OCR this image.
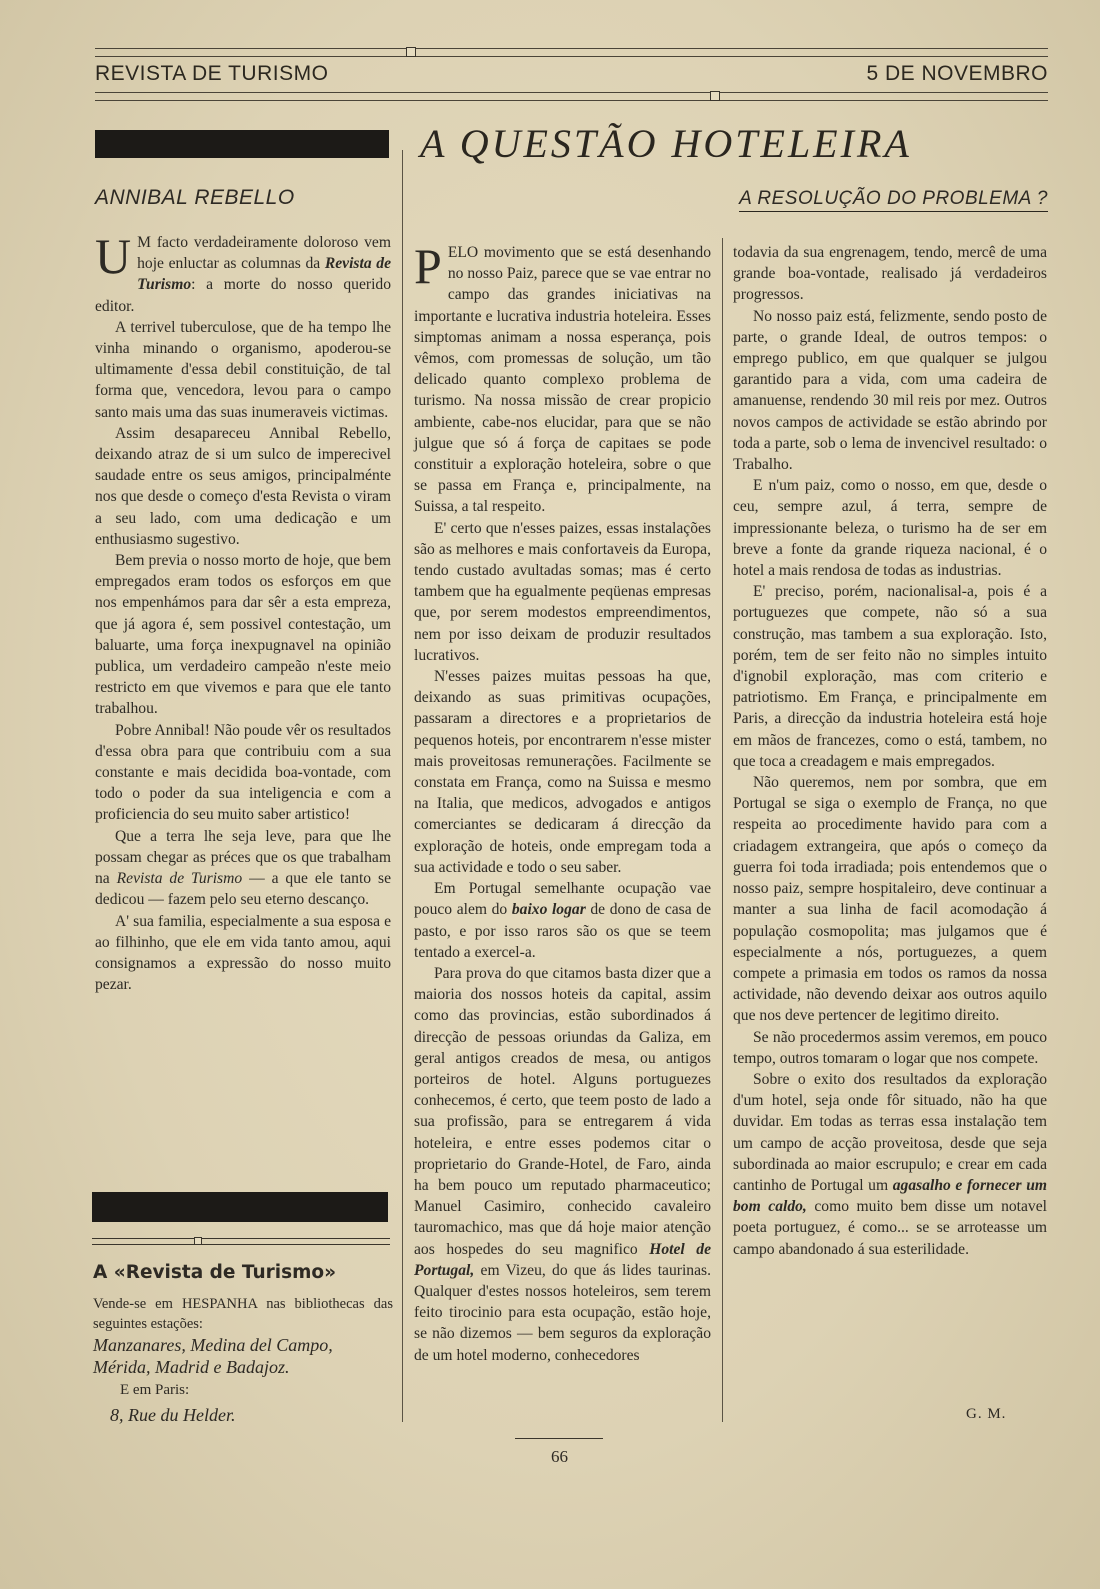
REVISTA DE TURISMO	5 DE NOVEMBRO
A QUESTÃO HOTELEIRA
ANNIBAL REBELLO	A RESOLUÇÃO DO PROBLEMA ?

U M facto verdadeiramente doloroso vem hoje enluctar as columnas da Revista de Turismo: a morte do nosso querido editor.

A terrivel tuberculose, que de ha tempo lhe vinha minando o organismo, apoderou-se ultimamente d'essa debil constituição, de tal forma que, vencedora, levou para o campo santo mais uma das suas inumeraveis victimas.

Assim desapareceu Annibal Rebello, deixando atraz de si um sulco de imperecivel saudade entre os seus amigos, principalménte nos que desde o começo d'esta Revista o viram a seu lado, com uma dedicação e um enthusiasmo sugestivo.

Bem previa o nosso morto de hoje, que bem empregados eram todos os esforços em que nos empenhámos para dar sêr a esta empreza, que já agora é, sem possivel contestação, um baluarte, uma força inexpugnavel na opinião publica, um verdadeiro campeão n'este meio restricto em que vivemos e para que ele tanto trabalhou.

Pobre Annibal! Não poude vêr os resultados d'essa obra para que contribuiu com a sua constante e mais decidida boa-vontade, com todo o poder da sua inteligencia e com a proficiencia do seu muito saber artistico!

Que a terra lhe seja leve, para que lhe possam chegar as préces que os que trabalham na Revista de Turismo — a que ele tanto se dedicou — fazem pelo seu eterno descanço.

A' sua familia, especialmente a sua esposa e ao filhinho, que ele em vida tanto amou, aqui consignamos a expressão do nosso muito pezar.

A «Revista de Turismo»
Vende-se em HESPANHA nas bibliothecas das seguintes estações:
Manzanares, Medina del Campo,
Mérida, Madrid e Badajoz.
E em Paris:
8, Rue du Helder.

PELO movimento que se está desenhando no nosso Paiz, parece que se vae entrar no campo das grandes iniciativas na importante e lucrativa industria hoteleira. Esses simptomas animam a nossa esperança, pois vêmos, com promessas de solução, um tão delicado quanto complexo problema de turismo. Na nossa missão de crear propicio ambiente, cabe-nos elucidar, para que se não julgue que só á força de capitaes se pode constituir a exploração hoteleira, sobre o que se passa em França e, principalmente, na Suissa, a tal respeito.

E' certo que n'esses paizes, essas instalações são as melhores e mais confortaveis da Europa, tendo custado avultadas somas; mas é certo tambem que ha egualmente peqüenas empresas que, por serem modestos empreendimentos, nem por isso deixam de produzir resultados lucrativos.

N'esses paizes muitas pessoas ha que, deixando as suas primitivas ocupações, passaram a directores e a proprietarios de pequenos hoteis, por encontrarem n'esse mister mais proveitosas remunerações. Facilmente se constata em França, como na Suissa e mesmo na Italia, que medicos, advogados e antigos comerciantes se dedicaram á direcção da exploração de hoteis, onde empregam toda a sua actividade e todo o seu saber.

Em Portugal semelhante ocupação vae pouco alem do baixo logar de dono de casa de pasto, e por isso raros são os que se teem tentado a exercel-a.

Para prova do que citamos basta dizer que a maioria dos nossos hoteis da capital, assim como das provincias, estão subordinados á direcção de pessoas oriundas da Galiza, em geral antigos creados de mesa, ou antigos porteiros de hotel. Alguns portuguezes conhecemos, é certo, que teem posto de lado a sua profissão, para se entregarem á vida hoteleira, e entre esses podemos citar o proprietario do Grande-Hotel, de Faro, ainda ha bem pouco um reputado pharmaceutico; Manuel Casimiro, conhecido cavaleiro tauromachico, mas que dá hoje maior atenção aos hospedes do seu magnifico Hotel de Portugal, em Vizeu, do que ás lides taurinas. Qualquer d'estes nossos hoteleiros, sem terem feito tirocinio para esta ocupação, estão hoje, se não dizemos — bem seguros da exploração de um hotel moderno, conhecedores

todavia da sua engrenagem, tendo, mercê de uma grande boa-vontade, realisado já verdadeiros progressos.

No nosso paiz está, felizmente, sendo posto de parte, o grande Ideal, de outros tempos: o emprego publico, em que qualquer se julgou garantido para a vida, com uma cadeira de amanuense, rendendo 30 mil reis por mez. Outros novos campos de actividade se estão abrindo por toda a parte, sob o lema de invencivel resultado: o Trabalho.

E n'um paiz, como o nosso, em que, desde o ceu, sempre azul, á terra, sempre de impressionante beleza, o turismo ha de ser em breve a fonte da grande riqueza nacional, é o hotel a mais rendosa de todas as industrias.

E' preciso, porém, nacionalisal-a, pois é a portuguezes que compete, não só a sua construção, mas tambem a sua exploração. Isto, porém, tem de ser feito não no simples intuito d'ignobil exploração, mas com criterio e patriotismo. Em França, e principalmente em Paris, a direcção da industria hoteleira está hoje em mãos de francezes, como o está, tambem, no que toca a creadagem e mais empregados.

Não queremos, nem por sombra, que em Portugal se siga o exemplo de França, no que respeita ao procedimente havido para com a criadagem extrangeira, que após o começo da guerra foi toda irradiada; pois entendemos que o nosso paiz, sempre hospitaleiro, deve continuar a manter a sua linha de facil acomodação á população cosmopolita; mas julgamos que é especialmente a nós, portuguezes, a quem compete a primasia em todos os ramos da nossa actividade, não devendo deixar aos outros aquilo que nos deve pertencer de legitimo direito.

Se não procedermos assim veremos, em pouco tempo, outros tomaram o logar que nos compete.

Sobre o exito dos resultados da exploração d'um hotel, seja onde fôr situado, não ha que duvidar. Em todas as terras essa instalação tem um campo de acção proveitosa, desde que seja subordinada ao maior escrupulo; e crear em cada cantinho de Portugal um agasalho e fornecer um bom caldo, como muito bem disse um notavel poeta portuguez, é como... se se arroteasse um campo abandonado á sua esterilidade.

G. M.
66
